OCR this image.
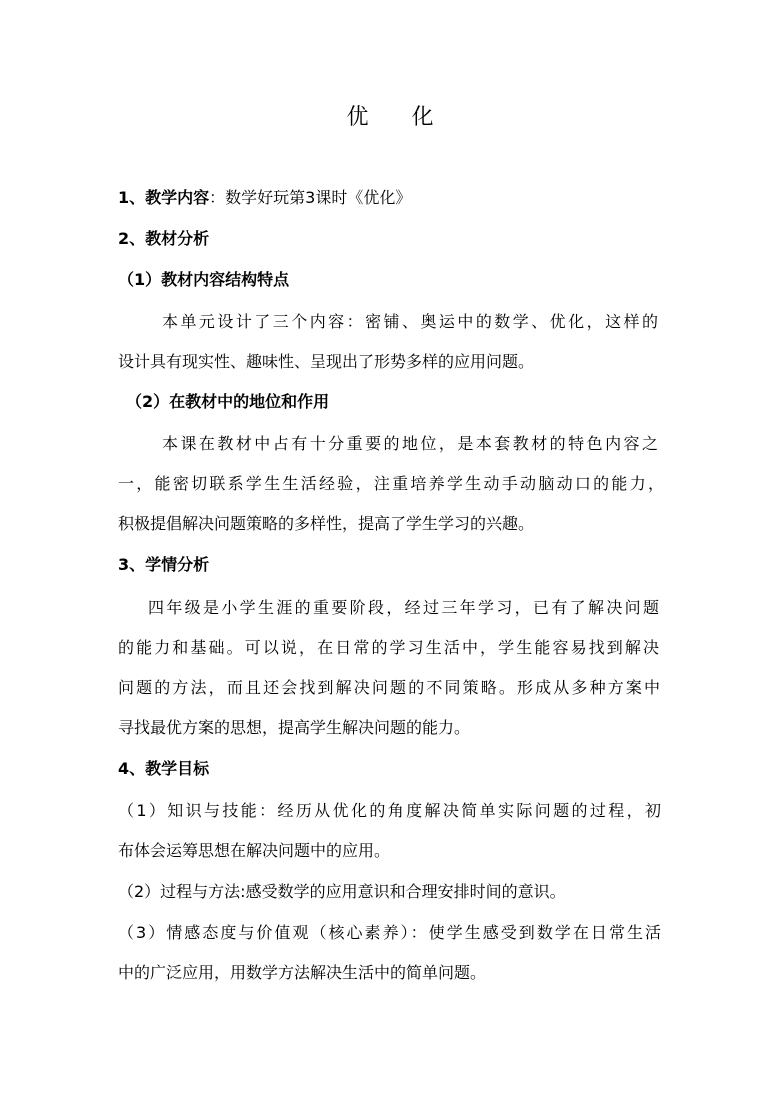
优 化
1、教学内容：数学好玩第3课时《优化》
2、教材分析
（1）教材内容结构特点
本单元设计了三个内容：密铺、奥运中的数学、优化，这样的
设计具有现实性、趣味性、呈现出了形势多样的应用问题。
（2）在教材中的地位和作用
本课在教材中占有十分重要的地位，是本套教材的特色内容之
一，能密切联系学生生活经验，注重培养学生动手动脑动口的能力，
积极提倡解决问题策略的多样性，提高了学生学习的兴趣。
3、学情分析
四年级是小学生涯的重要阶段，经过三年学习，已有了解决问题
的能力和基础。可以说，在日常的学习生活中，学生能容易找到解决
问题的方法，而且还会找到解决问题的不同策略。形成从多种方案中
寻找最优方案的思想，提高学生解决问题的能力。
4、教学目标
（1）知识与技能：经历从优化的角度解决简单实际问题的过程，初
布体会运筹思想在解决问题中的应用。
（2）过程与方法:感受数学的应用意识和合理安排时间的意识。
（3）情感态度与价值观（核心素养）：使学生感受到数学在日常生活
中的广泛应用，用数学方法解决生活中的简单问题。
